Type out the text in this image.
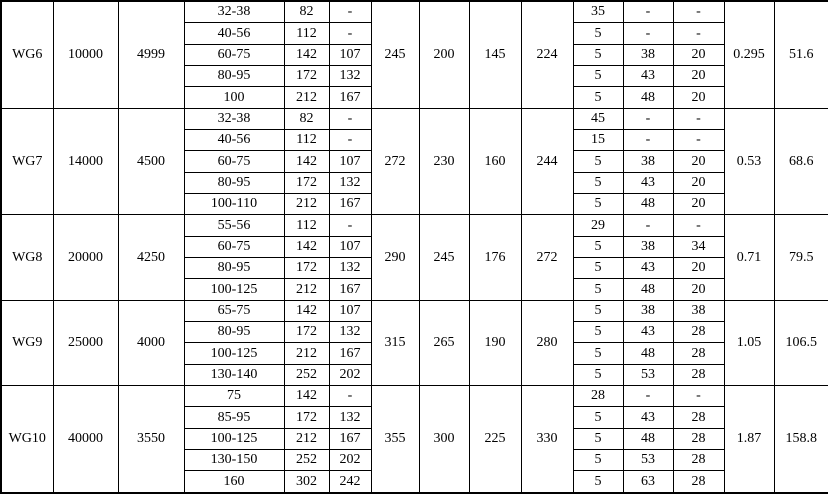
WG6	10000	4999	32-38	82	-	245	200	145	224	35	-	-	0.295	51.6
			40-56	112	-					5	-	-		
			60-75	142	107					5	38	20		
			80-95	172	132					5	43	20		
			100	212	167					5	48	20		
WG7	14000	4500	32-38	82	-	272	230	160	244	45	-	-	0.53	68.6
			40-56	112	-					15	-	-		
			60-75	142	107					5	38	20		
			80-95	172	132					5	43	20		
			100-110	212	167					5	48	20		
WG8	20000	4250	55-56	112	-	290	245	176	272	29	-	-	0.71	79.5
			60-75	142	107					5	38	34		
			80-95	172	132					5	43	20		
			100-125	212	167					5	48	20		
WG9	25000	4000	65-75	142	107	315	265	190	280	5	38	38	1.05	106.5
			80-95	172	132					5	43	28		
			100-125	212	167					5	48	28		
			130-140	252	202					5	53	28		
WG10	40000	3550	75	142	-	355	300	225	330	28	-	-	1.87	158.8
			85-95	172	132					5	43	28		
			100-125	212	167					5	48	28		
			130-150	252	202					5	53	28		
			160	302	242					5	63	28		
